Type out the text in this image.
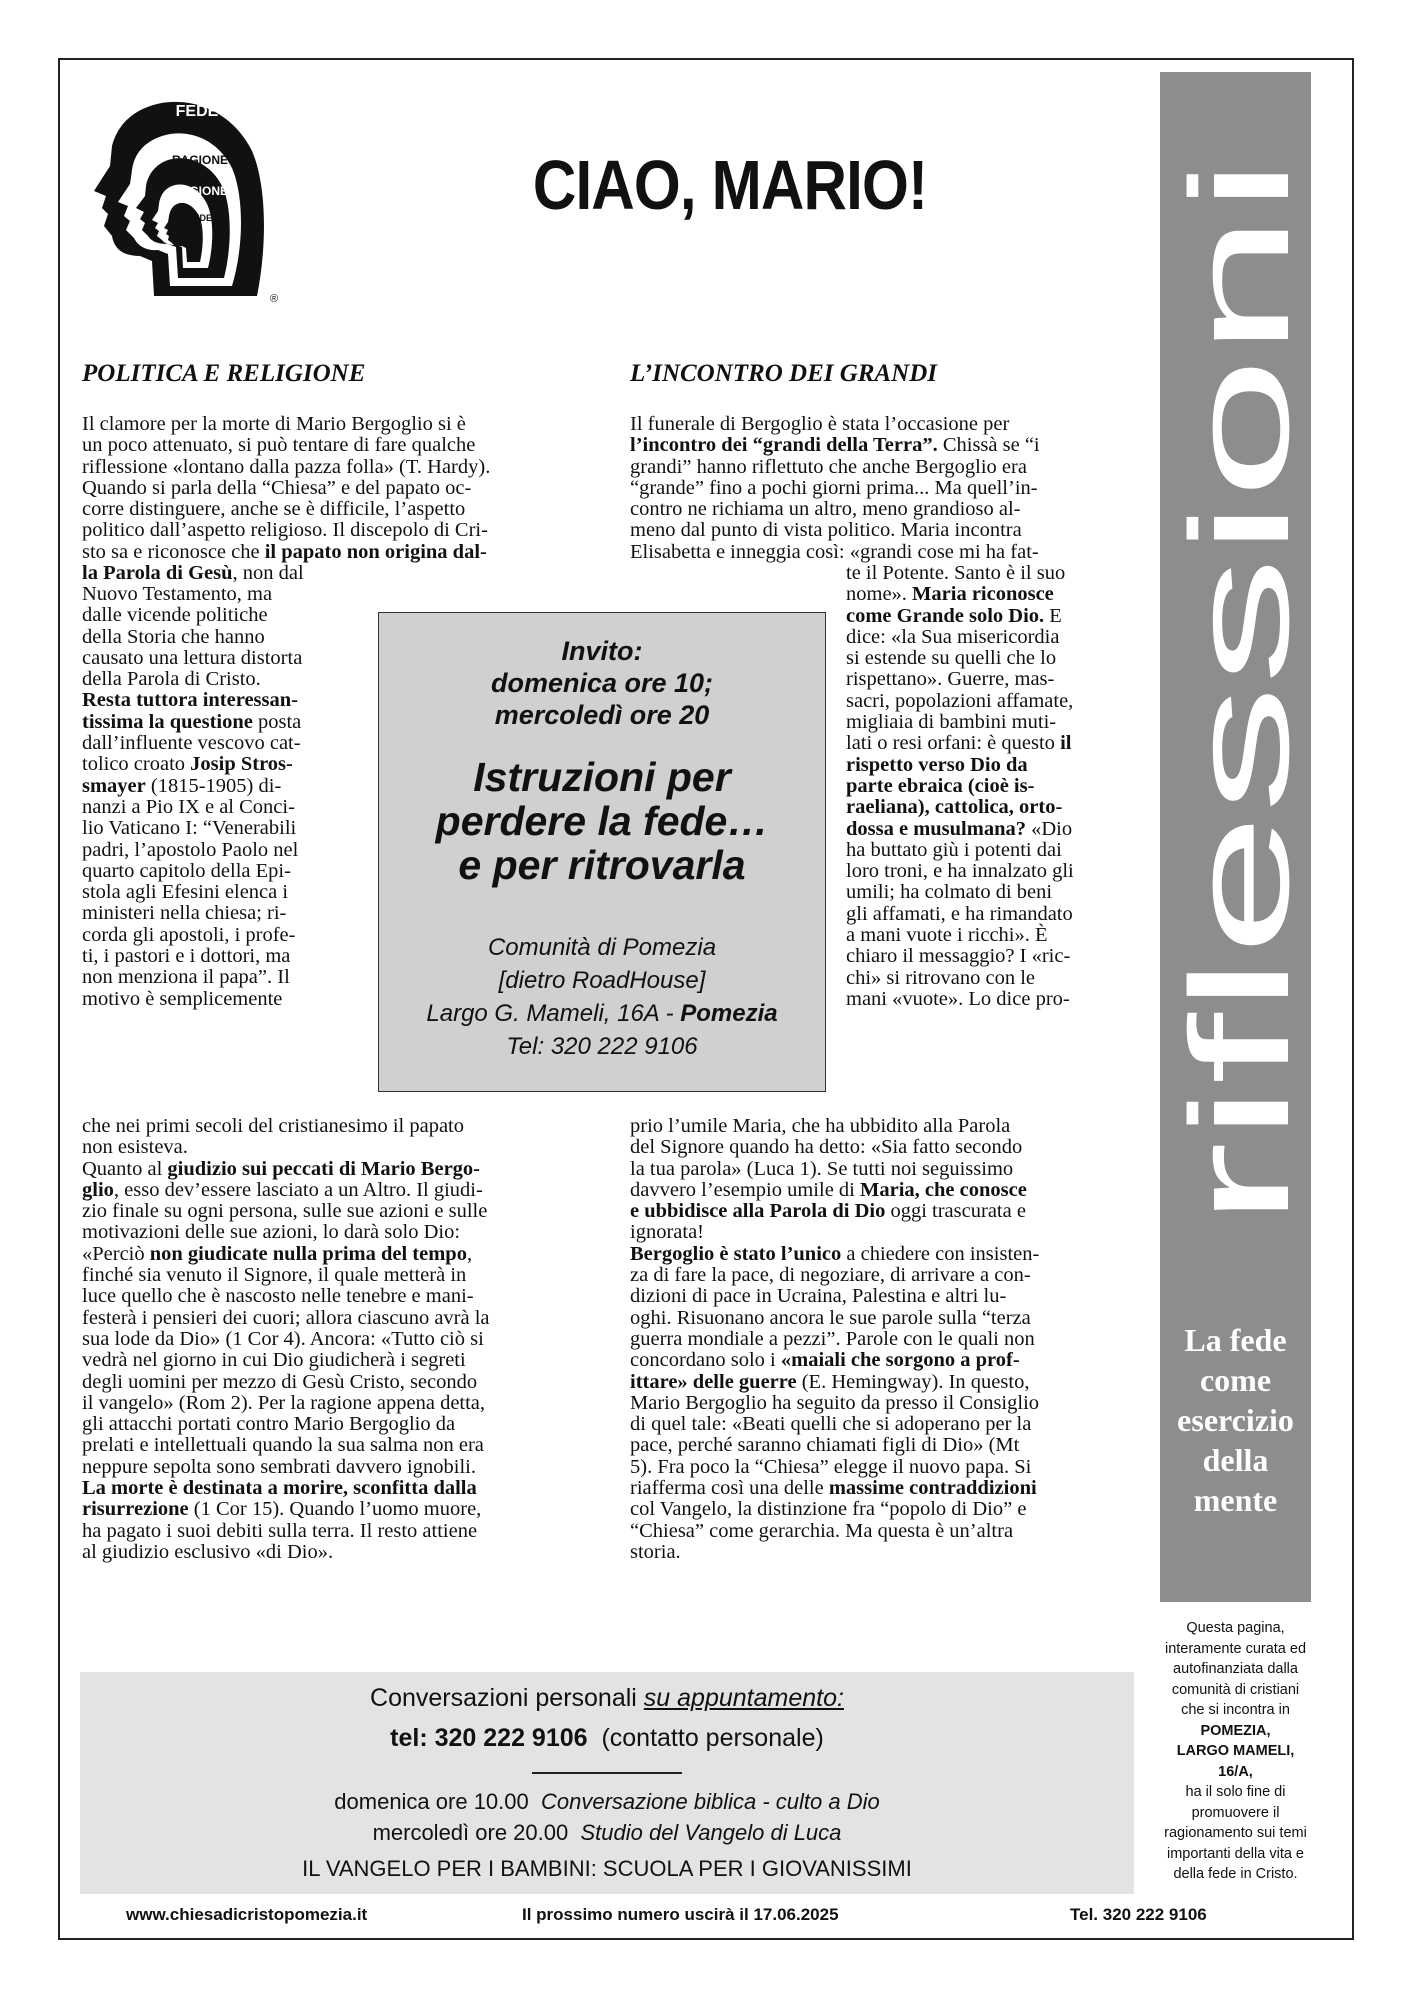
FEDE
RAGIONE
RAGIONE
FEDE
®
CIAO, MARIO!
riflessioni
La fede
come
esercizio
della
mente
Questa pagina,
interamente curata ed
autofinanziata dalla
comunità di cristiani
che si incontra in
POMEZIA,
LARGO MAMELI, 16/A,
ha il solo fine di
promuovere il
ragionamento sui temi
importanti della vita e
della fede in Cristo.
POLITICA E RELIGIONE
Il clamore per la morte di Mario Bergoglio si è
un poco attenuato, si può tentare di fare qualche
riflessione «lontano dalla pazza folla» (T. Hardy).
Quando si parla della “Chiesa” e del papato oc-
corre distinguere, anche se è difficile, l’aspetto
politico dall’aspetto religioso. Il discepolo di Cri-
sto sa e riconosce che il papato non origina dal-
la Parola di Gesù, non dal
Nuovo Testamento, ma
dalle vicende politiche
della Storia che hanno
causato una lettura distorta
della Parola di Cristo.
Resta tuttora interessan-
tissima la questione posta
dall’influente vescovo cat-
tolico croato Josip Stros-
smayer (1815-1905) di-
nanzi a Pio IX e al Conci-
lio Vaticano I: “Venerabili
padri, l’apostolo Paolo nel
quarto capitolo della Epi-
stola agli Efesini elenca i
ministeri nella chiesa; ri-
corda gli apostoli, i profe-
ti, i pastori e i dottori, ma
non menziona il papa”. Il
motivo è semplicemente
che nei primi secoli del cristianesimo il papato
non esisteva.
Quanto al giudizio sui peccati di Mario Bergo-
glio, esso dev’essere lasciato a un Altro. Il giudi-
zio finale su ogni persona, sulle sue azioni e sulle
motivazioni delle sue azioni, lo darà solo Dio:
«Perciò non giudicate nulla prima del tempo,
finché sia venuto il Signore, il quale metterà in
luce quello che è nascosto nelle tenebre e mani-
festerà i pensieri dei cuori; allora ciascuno avrà la
sua lode da Dio» (1 Cor 4). Ancora: «Tutto ciò si
vedrà nel giorno in cui Dio giudicherà i segreti
degli uomini per mezzo di Gesù Cristo, secondo
il vangelo» (Rom 2). Per la ragione appena detta,
gli attacchi portati contro Mario Bergoglio da
prelati e intellettuali quando la sua salma non era
neppure sepolta sono sembrati davvero ignobili.
La morte è destinata a morire, sconfitta dalla
risurrezione (1 Cor 15). Quando l’uomo muore,
ha pagato i suoi debiti sulla terra. Il resto attiene
al giudizio esclusivo «di Dio».
L’INCONTRO DEI GRANDI
Il funerale di Bergoglio è stata l’occasione per
l’incontro dei “grandi della Terra”. Chissà se “i
grandi” hanno riflettuto che anche Bergoglio era
“grande” fino a pochi giorni prima... Ma quell’in-
contro ne richiama un altro, meno grandioso al-
meno dal punto di vista politico. Maria incontra
Elisabetta e inneggia così: «grandi cose mi ha fat-
te il Potente. Santo è il suo
nome». Maria riconosce
come Grande solo Dio. E
dice: «la Sua misericordia
si estende su quelli che lo
rispettano». Guerre, mas-
sacri, popolazioni affamate,
migliaia di bambini muti-
lati o resi orfani: è questo il
rispetto verso Dio da
parte ebraica (cioè is-
raeliana), cattolica, orto-
dossa e musulmana? «Dio
ha buttato giù i potenti dai
loro troni, e ha innalzato gli
umili; ha colmato di beni
gli affamati, e ha rimandato
a mani vuote i ricchi». È
chiaro il messaggio? I «ric-
chi» si ritrovano con le
mani «vuote». Lo dice pro-
prio l’umile Maria, che ha ubbidito alla Parola
del Signore quando ha detto: «Sia fatto secondo
la tua parola» (Luca 1). Se tutti noi seguissimo
davvero l’esempio umile di Maria, che conosce
e ubbidisce alla Parola di Dio oggi trascurata e
ignorata!
Bergoglio è stato l’unico a chiedere con insisten-
za di fare la pace, di negoziare, di arrivare a con-
dizioni di pace in Ucraina, Palestina e altri lu-
oghi. Risuonano ancora le sue parole sulla “terza
guerra mondiale a pezzi”. Parole con le quali non
concordano solo i «maiali che sorgono a prof-
ittare» delle guerre (E. Hemingway). In questo,
Mario Bergoglio ha seguito da presso il Consiglio
di quel tale: «Beati quelli che si adoperano per la
pace, perché saranno chiamati figli di Dio» (Mt
5). Fra poco la “Chiesa” elegge il nuovo papa. Si
riafferma così una delle massime contraddizioni
col Vangelo, la distinzione fra “popolo di Dio” e
“Chiesa” come gerarchia. Ma questa è un’altra
storia.
Invito:
domenica ore 10;
mercoledì ore 20
Istruzioni per
perdere la fede…
e per ritrovarla
Comunità di Pomezia
[dietro RoadHouse]
Largo G. Mameli, 16A - Pomezia
Tel: 320 222 9106
Conversazioni personali su appuntamento:
tel: 320 222 9106  (contatto personale)
domenica ore 10.00  Conversazione biblica - culto a Dio
mercoledì ore 20.00  Studio del Vangelo di Luca
IL VANGELO PER I BAMBINI: SCUOLA PER I GIOVANISSIMI
www.chiesadicristopomezia.it	Il prossimo numero uscirà il 17.06.2025	Tel. 320 222 9106
